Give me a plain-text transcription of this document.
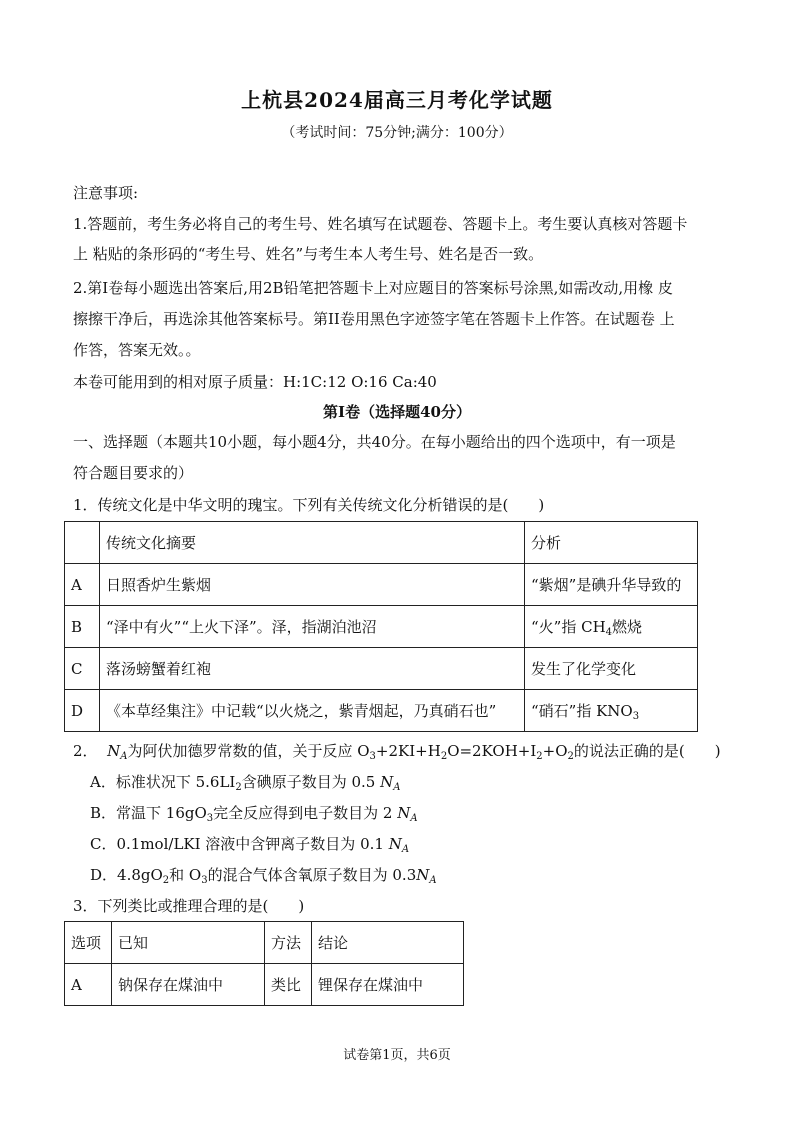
上杭县2024届高三月考化学试题
（考试时间：75分钟;满分：100分）
注意事项:
1.答题前，考生务必将自己的考生号、姓名填写在试题卷、答题卡上。考生要认真核对答题卡
上 粘贴的条形码的“考生号、姓名”与考生本人考生号、姓名是否一致。
2.第I卷每小题选出答案后,用2B铅笔把答题卡上对应题目的答案标号涂黑,如需改动,用橡 皮
擦擦干净后，再选涂其他答案标号。第II卷用黑色字迹签字笔在答题卡上作答。在试题卷 上
作答，答案无效。。
本卷可能用到的相对原子质量：H:1C:12 O:16 Ca:40
第I卷（选择题40分）
一、选择题（本题共10小题，每小题4分，共40分。在每小题给出的四个选项中，有一项是
符合题目要求的）
1．传统文化是中华文明的瑰宝。下列有关传统文化分析错误的是(　　)
	传统文化摘要	分析
A	日照香炉生紫烟	“紫烟”是碘升华导致的
B	“泽中有火”“上火下泽”。泽，指湖泊池沼	“火”指 $CH_4$燃烧
C	落汤螃蟹着红袍	发生了化学变化
D	《本草经集注》中记载“以火烧之，紫青烟起，乃真硝石也”	“硝石”指 $KNO_3$
2． $N_A$为阿伏加德罗常数的值，关于反应 $O_3+2KI+H_2O=2KOH+I_2+O_2$的说法正确的是(　　)
A．标准状况下 $5.6LI_2$含碘原子数目为 0.5 $N_A$
B．常温下 $16gO_3$完全反应得到电子数目为 2 $N_A$
C．0.1mol/LKI 溶液中含钾离子数目为 0.1 $N_A$
D．$4.8gO_2$和 $O_3$的混合气体含氧原子数目为 $0.3N_A$
3．下列类比或推理合理的是(　　)
选项	已知	方法	结论
A	钠保存在煤油中	类比	锂保存在煤油中
试卷第1页，共6页
